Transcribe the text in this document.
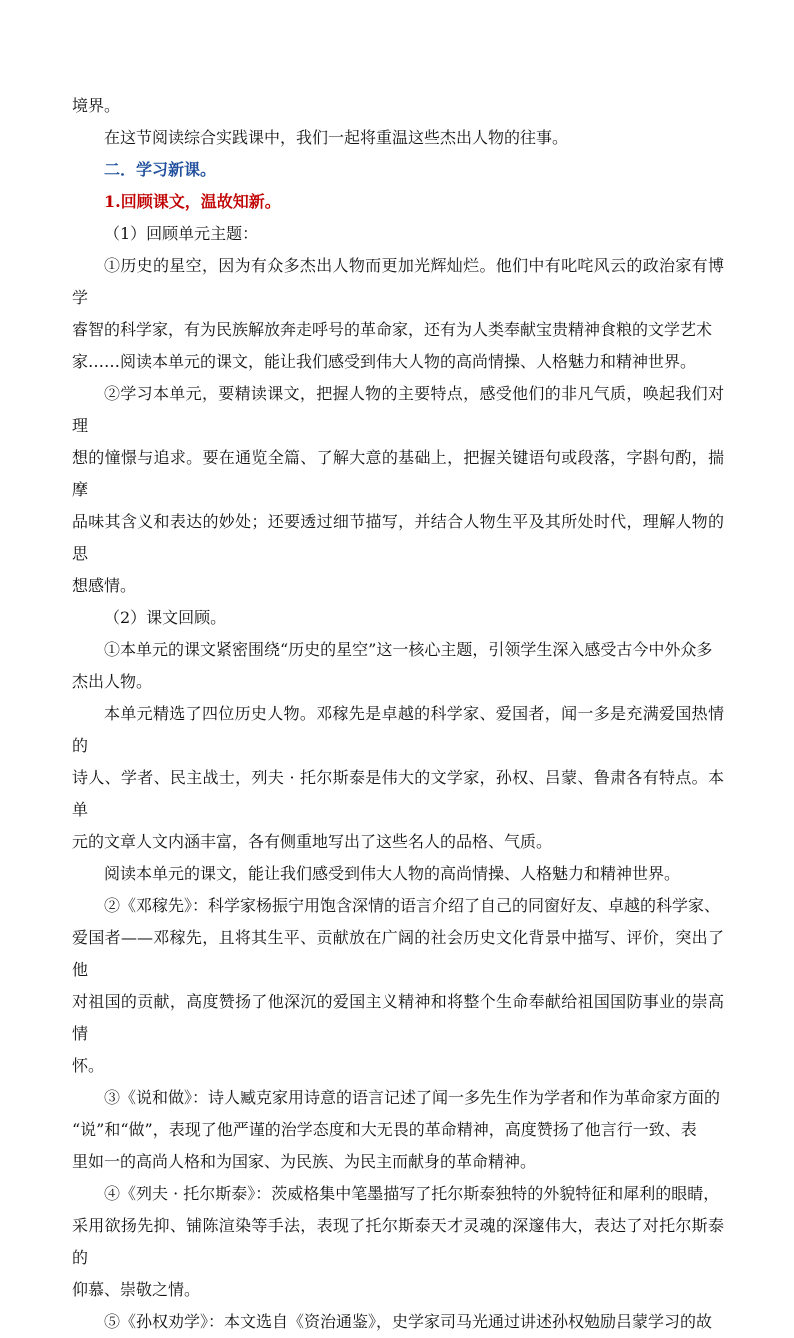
境界。

在这节阅读综合实践课中，我们一起将重温这些杰出人物的往事。

二．学习新课。

1.回顾课文，温故知新。

（1）回顾单元主题：

①历史的星空，因为有众多杰出人物而更加光辉灿烂。他们中有叱咤风云的政治家有博学
睿智的科学家，有为民族解放奔走呼号的革命家，还有为人类奉献宝贵精神食粮的文学艺术
家……阅读本单元的课文，能让我们感受到伟大人物的高尚情操、人格魅力和精神世界。

②学习本单元，要精读课文，把握人物的主要特点，感受他们的非凡气质，唤起我们对理
想的憧憬与追求。要在通览全篇、了解大意的基础上，把握关键语句或段落，字斟句酌，揣摩
品味其含义和表达的妙处；还要透过细节描写，并结合人物生平及其所处时代，理解人物的思
想感情。

（2）课文回顾。

①本单元的课文紧密围绕“历史的星空”这一核心主题，引领学生深入感受古今中外众多
杰出人物。

本单元精选了四位历史人物。邓稼先是卓越的科学家、爱国者，闻一多是充满爱国热情的
诗人、学者、民主战士，列夫 · 托尔斯泰是伟大的文学家，孙权、吕蒙、鲁肃各有特点。本单
元的文章人文内涵丰富，各有侧重地写出了这些名人的品格、气质。

阅读本单元的课文，能让我们感受到伟大人物的高尚情操、人格魅力和精神世界。

②《邓稼先》：科学家杨振宁用饱含深情的语言介绍了自己的同窗好友、卓越的科学家、
爱国者——邓稼先，且将其生平、贡献放在广阔的社会历史文化背景中描写、评价，突出了他
对祖国的贡献，高度赞扬了他深沉的爱国主义精神和将整个生命奉献给祖国国防事业的崇高情
怀。

③《说和做》：诗人臧克家用诗意的语言记述了闻一多先生作为学者和作为革命家方面的
“说”和“做”，表现了他严谨的治学态度和大无畏的革命精神，高度赞扬了他言行一致、表
里如一的高尚人格和为国家、为民族、为民主而献身的革命精神。

④《列夫 · 托尔斯泰》：茨威格集中笔墨描写了托尔斯泰独特的外貌特征和犀利的眼睛，
采用欲扬先抑、铺陈渲染等手法，表现了托尔斯泰天才灵魂的深邃伟大，表达了对托尔斯泰的
仰慕、崇敬之情。

⑤《孙权劝学》：本文选自《资治通鉴》，史学家司马光通过讲述孙权勉励吕蒙学习的故
